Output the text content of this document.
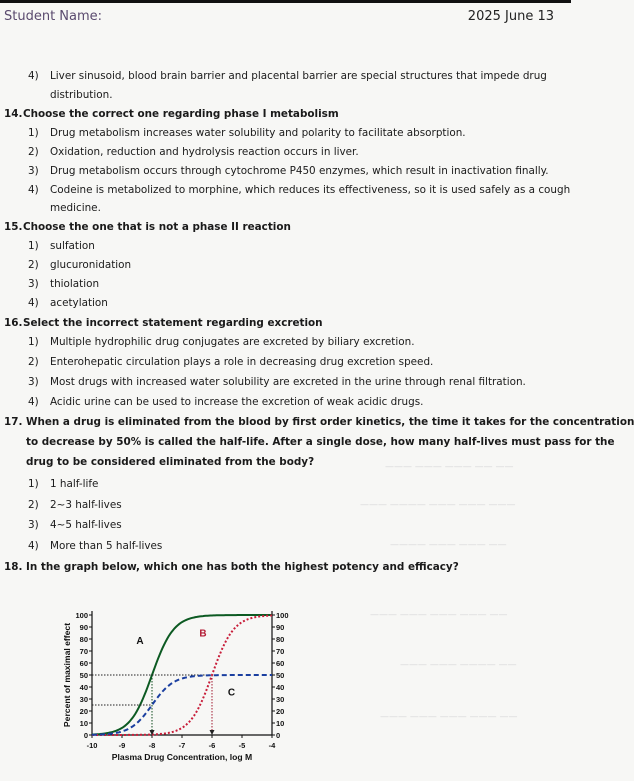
Student Name:	2025 June 13
——— ——— ——— —— ——
——— ———— ——— ——— ———
———— ——— ——— ——
——— ——— ——— ——— ——
——— ——— ———— ——
——— ——— ——— ——— ——
4) Liver sinusoid, blood brain barrier and placental barrier are special structures that impede drug
distribution.
14.Choose the correct one regarding phase I metabolism
1) Drug metabolism increases water solubility and polarity to facilitate absorption.
2) Oxidation, reduction and hydrolysis reaction occurs in liver.
3) Drug metabolism occurs through cytochrome P450 enzymes, which result in inactivation finally.
4) Codeine is metabolized to morphine, which reduces its effectiveness, so it is used safely as a cough
medicine.
15.Choose the one that is not a phase II reaction
1) sulfation
2) glucuronidation
3) thiolation
4) acetylation
16.Select the incorrect statement regarding excretion
1) Multiple hydrophilic drug conjugates are excreted by biliary excretion.
2) Enterohepatic circulation plays a role in decreasing drug excretion speed.
3) Most drugs with increased water solubility are excreted in the urine through renal filtration.
4) Acidic urine can be used to increase the excretion of weak acidic drugs.
17. When a drug is eliminated from the blood by first order kinetics, the time it takes for the concentration
to decrease by 50% is called the half-life. After a single dose, how many half-lives must pass for the
drug to be considered eliminated from the body?
1) 1 half-life
2) 2~3 half-lives
3) 4~5 half-lives
4) More than 5 half-lives
18. In the graph below, which one has both the highest potency and efficacy?
0	0
10	10
20	20
30	30
40	40
50	50
60	60
70	70
80	80
90	90
100	100
-10	-9	-8	-7	-6	-5	-4
Plasma Drug Concentration, log M
Percent of maximal effect	A
B
C
